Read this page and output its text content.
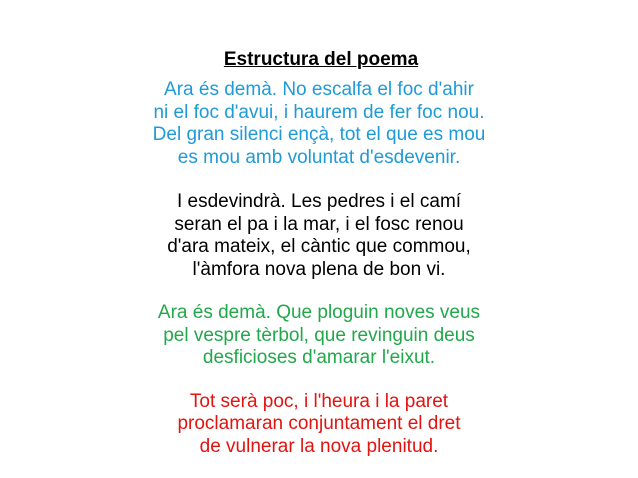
Estructura del poema
Ara és demà. No escalfa el foc d'ahir
ni el foc d'avui, i haurem de fer foc nou.
Del gran silenci ençà, tot el que es mou
es mou amb voluntat d'esdevenir.
I esdevindrà. Les pedres i el camí
seran el pa i la mar, i el fosc renou
d'ara mateix, el càntic que commou,
l'àmfora nova plena de bon vi.
Ara és demà. Que ploguin noves veus
pel vespre tèrbol, que revinguin deus
desficioses d'amarar l'eixut.
Tot serà poc, i l'heura i la paret
proclamaran conjuntament el dret
de vulnerar la nova plenitud.
